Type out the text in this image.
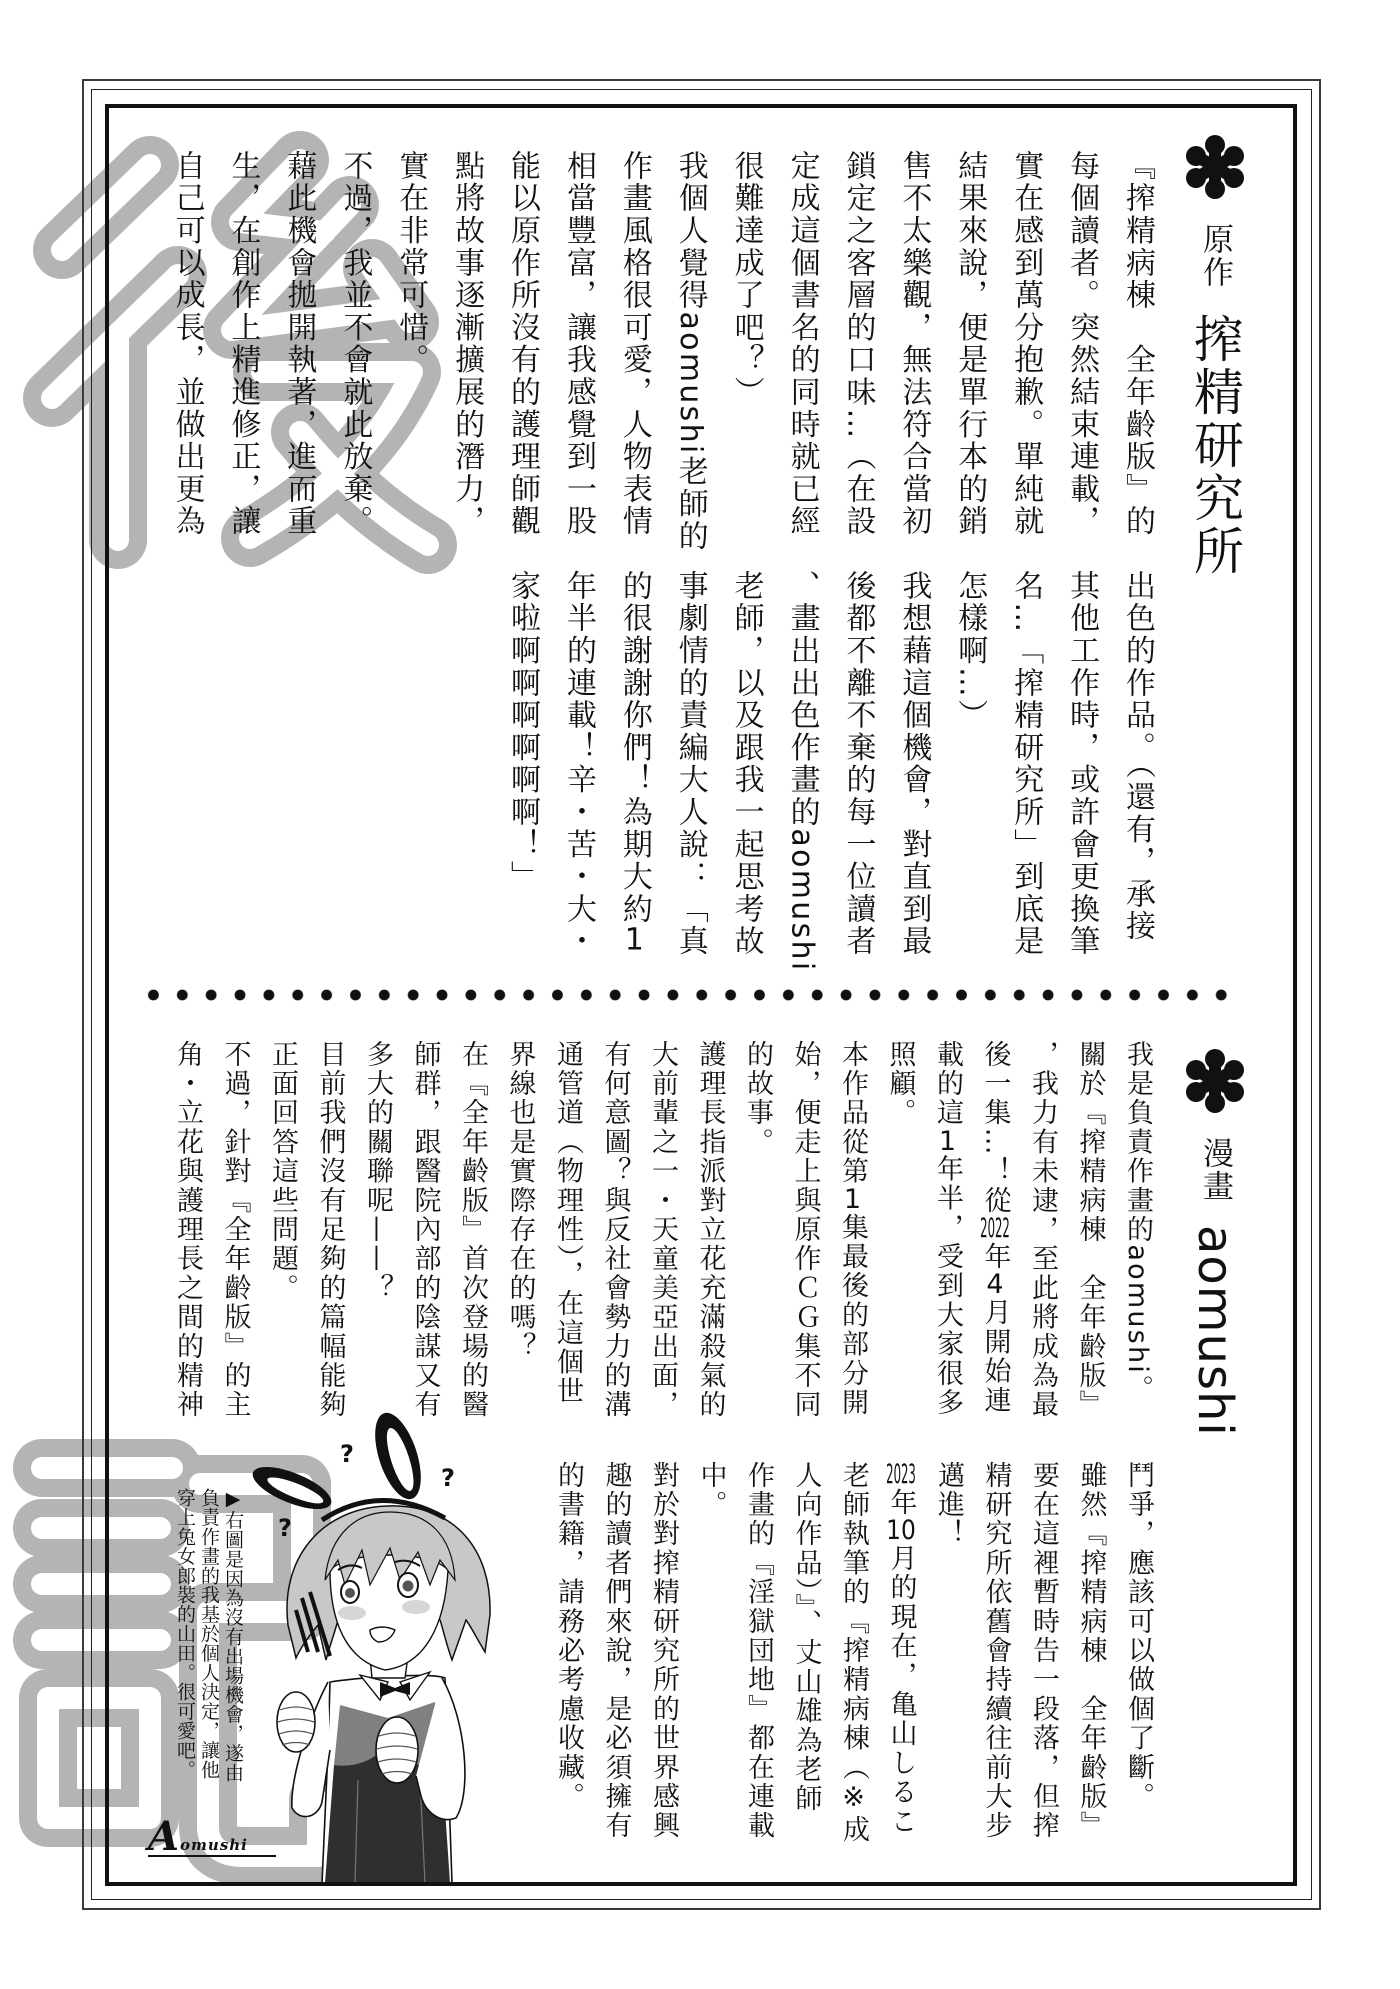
原作
搾精研究所
『搾精病棟　全年齡版』的
每個讀者。突然結束連載，
實在感到萬分抱歉。單純就
結果來說，便是單行本的銷
售不太樂觀，無法符合當初
鎖定之客層的口味…（在設
定成這個書名的同時就已經
很難達成了吧？）
我個人覺得aomushi老師的
作畫風格很可愛，人物表情
相當豐富，讓我感覺到一股
能以原作所沒有的護理師觀
點將故事逐漸擴展的潛力，
實在非常可惜。
不過，我並不會就此放棄。
藉此機會拋開執著，進而重
生，在創作上精進修正，讓
自己可以成長，並做出更為
出色的作品。（還有，承接
其他工作時，或許會更換筆
名…「搾精研究所」到底是
怎樣啊…）
我想藉這個機會，對直到最
後都不離不棄的每一位讀者
、畫出出色作畫的aomushi
老師，以及跟我一起思考故
事劇情的責編大人說：「真
的很謝謝你們！為期大約1
年半的連載！辛・苦・大・
家啦啊啊啊啊啊啊！」
漫畫
aomushi
我是負責作畫的aomushi。
關於『搾精病棟　全年齡版』
，我力有未逮，至此將成為最
後一集…！從2022年4月開始連
載的這1年半，受到大家很多
照顧。
本作品從第1集最後的部分開
始，便走上與原作ＣＧ集不同
的故事。
護理長指派對立花充滿殺氣的
大前輩之一・天童美亞出面，
有何意圖？與反社會勢力的溝
通管道（物理性），在這個世
界線也是實際存在的嗎？
在『全年齡版』首次登場的醫
師群，跟醫院內部的陰謀又有
多大的關聯呢——？
目前我們沒有足夠的篇幅能夠
正面回答這些問題。
不過，針對『全年齡版』的主
角・立花與護理長之間的精神
鬥爭，應該可以做個了斷。
雖然『搾精病棟　全年齡版』
要在這裡暫時告一段落，但搾
精研究所依舊會持續往前大步
邁進！
2023年10月的現在，亀山しるこ
老師執筆的『搾精病棟（※成
人向作品）』、丈山雄為老師
作畫的『淫獄団地』都在連載
中。
對於對搾精研究所的世界感興
趣的讀者們來說，是必須擁有
的書籍，請務必考慮收藏。
?
?
?
▶右圖是因為沒有出場機會，遂由
負責作畫的我基於個人決定，讓他
穿上兔女郎裝的山田。很可愛吧。
Aomushi
